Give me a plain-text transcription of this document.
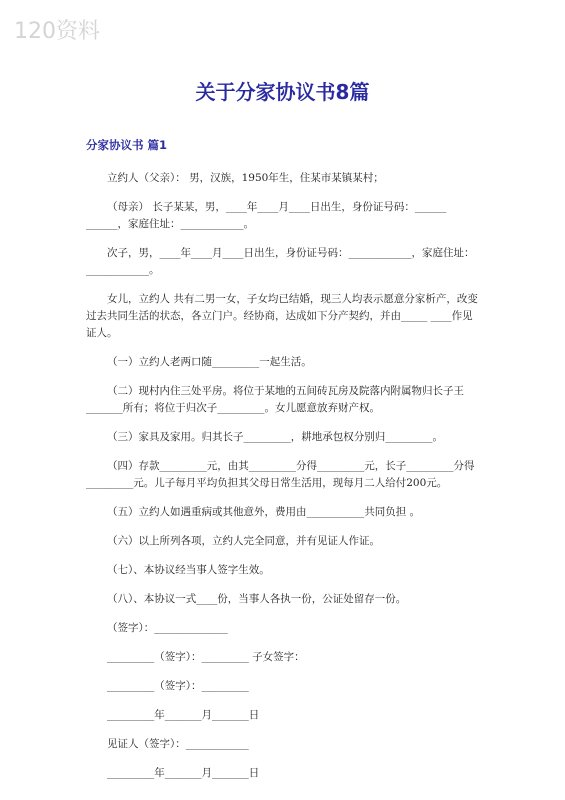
120资料
关于分家协议书8篇
分家协议书 篇1

立约人（父亲）： 男，汉族，1950年生，住某市某镇某村；

（母亲） 长子某某，男，____年____月____日出生，身份证号码：______ ______，家庭住址：____________。

次子，男，____年____月____日出生，身份证号码：____________，家庭住址：____________。

女儿，立约人 共有二男一女，子女均已结婚，现三人均表示愿意分家析产，改变过去共同生活的状态，各立门户。经协商，达成如下分产契约，并由_____ ____作见证人。

（一）立约人老两口随_________一起生活。

（二）现村内住三处平房。将位于某地的五间砖瓦房及院落内附属物归长子王_______所有；将位于归次子_________。女儿愿意放弃财产权。

（三）家具及家用。归其长子_________，耕地承包权分别归_________。

（四）存款_________元，由其_________分得_________元，长子_________分得_________元。儿子每月平均负担其父母日常生活用，现每月二人给付200元。

（五）立约人如遇重病或其他意外，费用由___________共同负担 。

（六）以上所列各项，立约人完全同意，并有见证人作证。

（七）、本协议经当事人签字生效。

（八）、本协议一式____份，当事人各执一份，公证处留存一份。

（签字）：______________

_________（签字）：_________ 子女签字：

_________（签字）：_________

_________年_______月_______日

见证人（签字）：____________

_________年_______月_______日
